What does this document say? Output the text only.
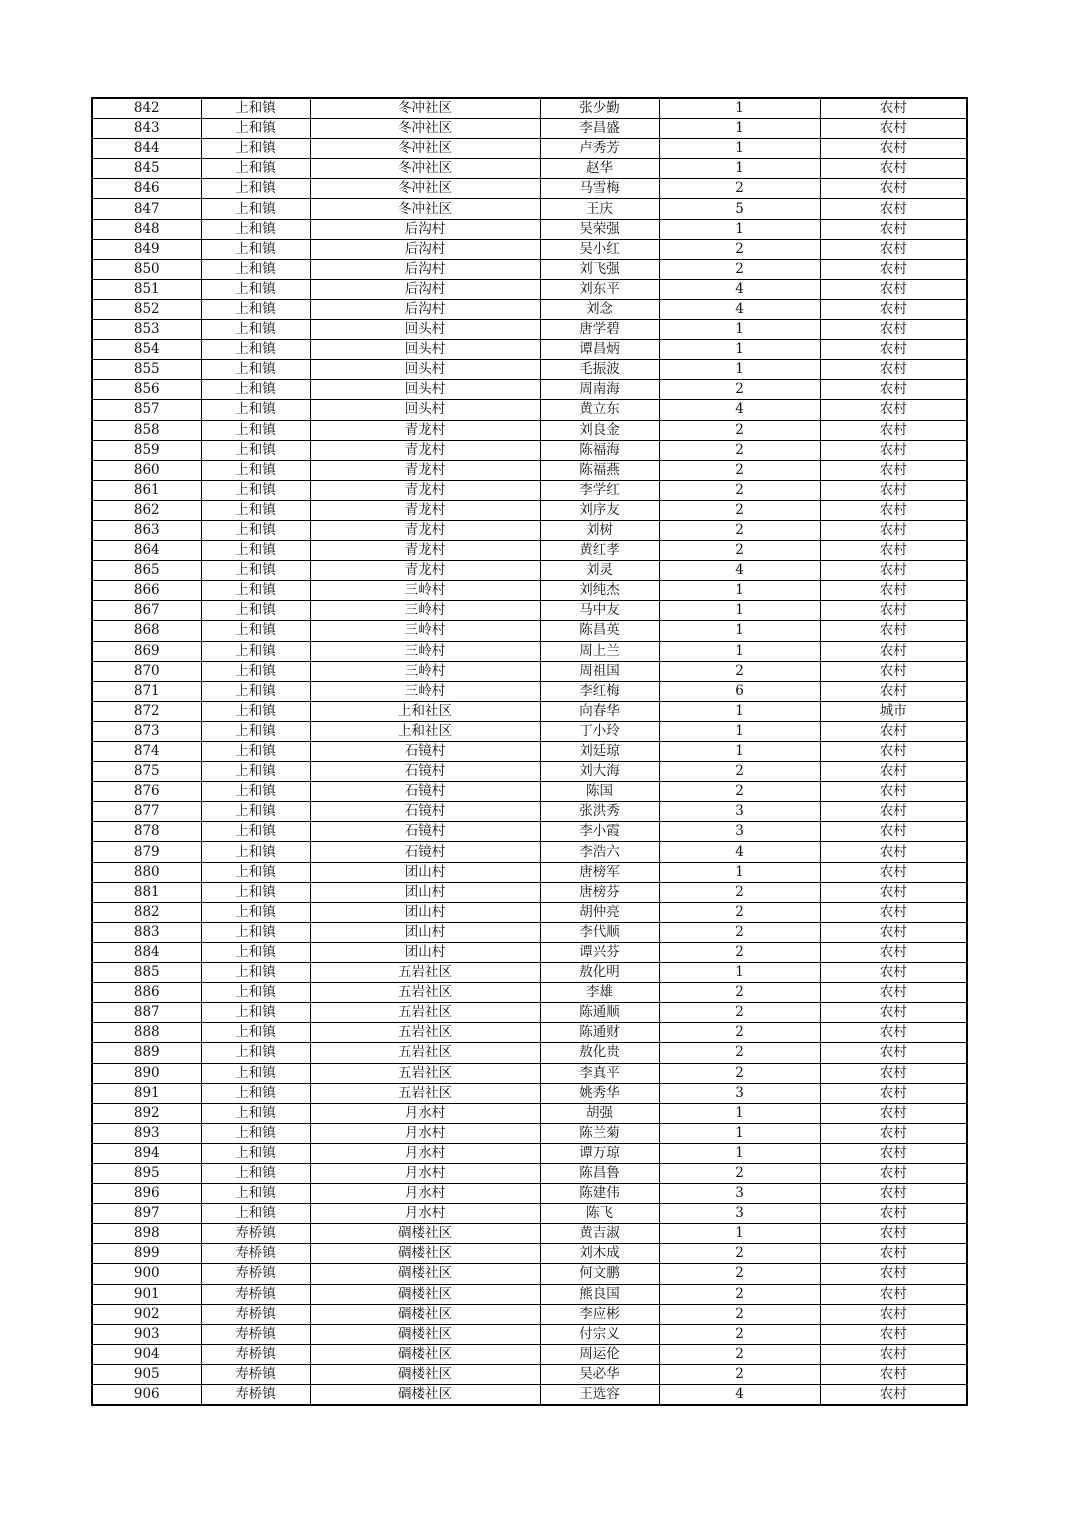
842	上和镇	冬冲社区	张少勤	1	农村
843	上和镇	冬冲社区	李昌盛	1	农村
844	上和镇	冬冲社区	卢秀芳	1	农村
845	上和镇	冬冲社区	赵华	1	农村
846	上和镇	冬冲社区	马雪梅	2	农村
847	上和镇	冬冲社区	王庆	5	农村
848	上和镇	后沟村	吴荣强	1	农村
849	上和镇	后沟村	吴小红	2	农村
850	上和镇	后沟村	刘飞强	2	农村
851	上和镇	后沟村	刘东平	4	农村
852	上和镇	后沟村	刘念	4	农村
853	上和镇	回头村	唐学碧	1	农村
854	上和镇	回头村	谭昌炳	1	农村
855	上和镇	回头村	毛振波	1	农村
856	上和镇	回头村	周南海	2	农村
857	上和镇	回头村	黄立东	4	农村
858	上和镇	青龙村	刘良金	2	农村
859	上和镇	青龙村	陈福海	2	农村
860	上和镇	青龙村	陈福燕	2	农村
861	上和镇	青龙村	李学红	2	农村
862	上和镇	青龙村	刘序友	2	农村
863	上和镇	青龙村	刘树	2	农村
864	上和镇	青龙村	黄红孝	2	农村
865	上和镇	青龙村	刘灵	4	农村
866	上和镇	三岭村	刘纯杰	1	农村
867	上和镇	三岭村	马中友	1	农村
868	上和镇	三岭村	陈昌英	1	农村
869	上和镇	三岭村	周上兰	1	农村
870	上和镇	三岭村	周祖国	2	农村
871	上和镇	三岭村	李红梅	6	农村
872	上和镇	上和社区	向春华	1	城市
873	上和镇	上和社区	丁小玲	1	农村
874	上和镇	石镜村	刘廷琼	1	农村
875	上和镇	石镜村	刘大海	2	农村
876	上和镇	石镜村	陈国	2	农村
877	上和镇	石镜村	张洪秀	3	农村
878	上和镇	石镜村	李小霞	3	农村
879	上和镇	石镜村	李浩六	4	农村
880	上和镇	团山村	唐榜军	1	农村
881	上和镇	团山村	唐榜芬	2	农村
882	上和镇	团山村	胡仲亮	2	农村
883	上和镇	团山村	李代顺	2	农村
884	上和镇	团山村	谭兴芬	2	农村
885	上和镇	五岩社区	敖化明	1	农村
886	上和镇	五岩社区	李雄	2	农村
887	上和镇	五岩社区	陈通顺	2	农村
888	上和镇	五岩社区	陈通财	2	农村
889	上和镇	五岩社区	敖化贵	2	农村
890	上和镇	五岩社区	李真平	2	农村
891	上和镇	五岩社区	姚秀华	3	农村
892	上和镇	月水村	胡强	1	农村
893	上和镇	月水村	陈兰菊	1	农村
894	上和镇	月水村	谭万琼	1	农村
895	上和镇	月水村	陈昌鲁	2	农村
896	上和镇	月水村	陈建伟	3	农村
897	上和镇	月水村	陈飞	3	农村
898	寿桥镇	碉楼社区	黄吉淑	1	农村
899	寿桥镇	碉楼社区	刘木成	2	农村
900	寿桥镇	碉楼社区	何文鹏	2	农村
901	寿桥镇	碉楼社区	熊良国	2	农村
902	寿桥镇	碉楼社区	李应彬	2	农村
903	寿桥镇	碉楼社区	付宗义	2	农村
904	寿桥镇	碉楼社区	周运伦	2	农村
905	寿桥镇	碉楼社区	吴必华	2	农村
906	寿桥镇	碉楼社区	王选容	4	农村
